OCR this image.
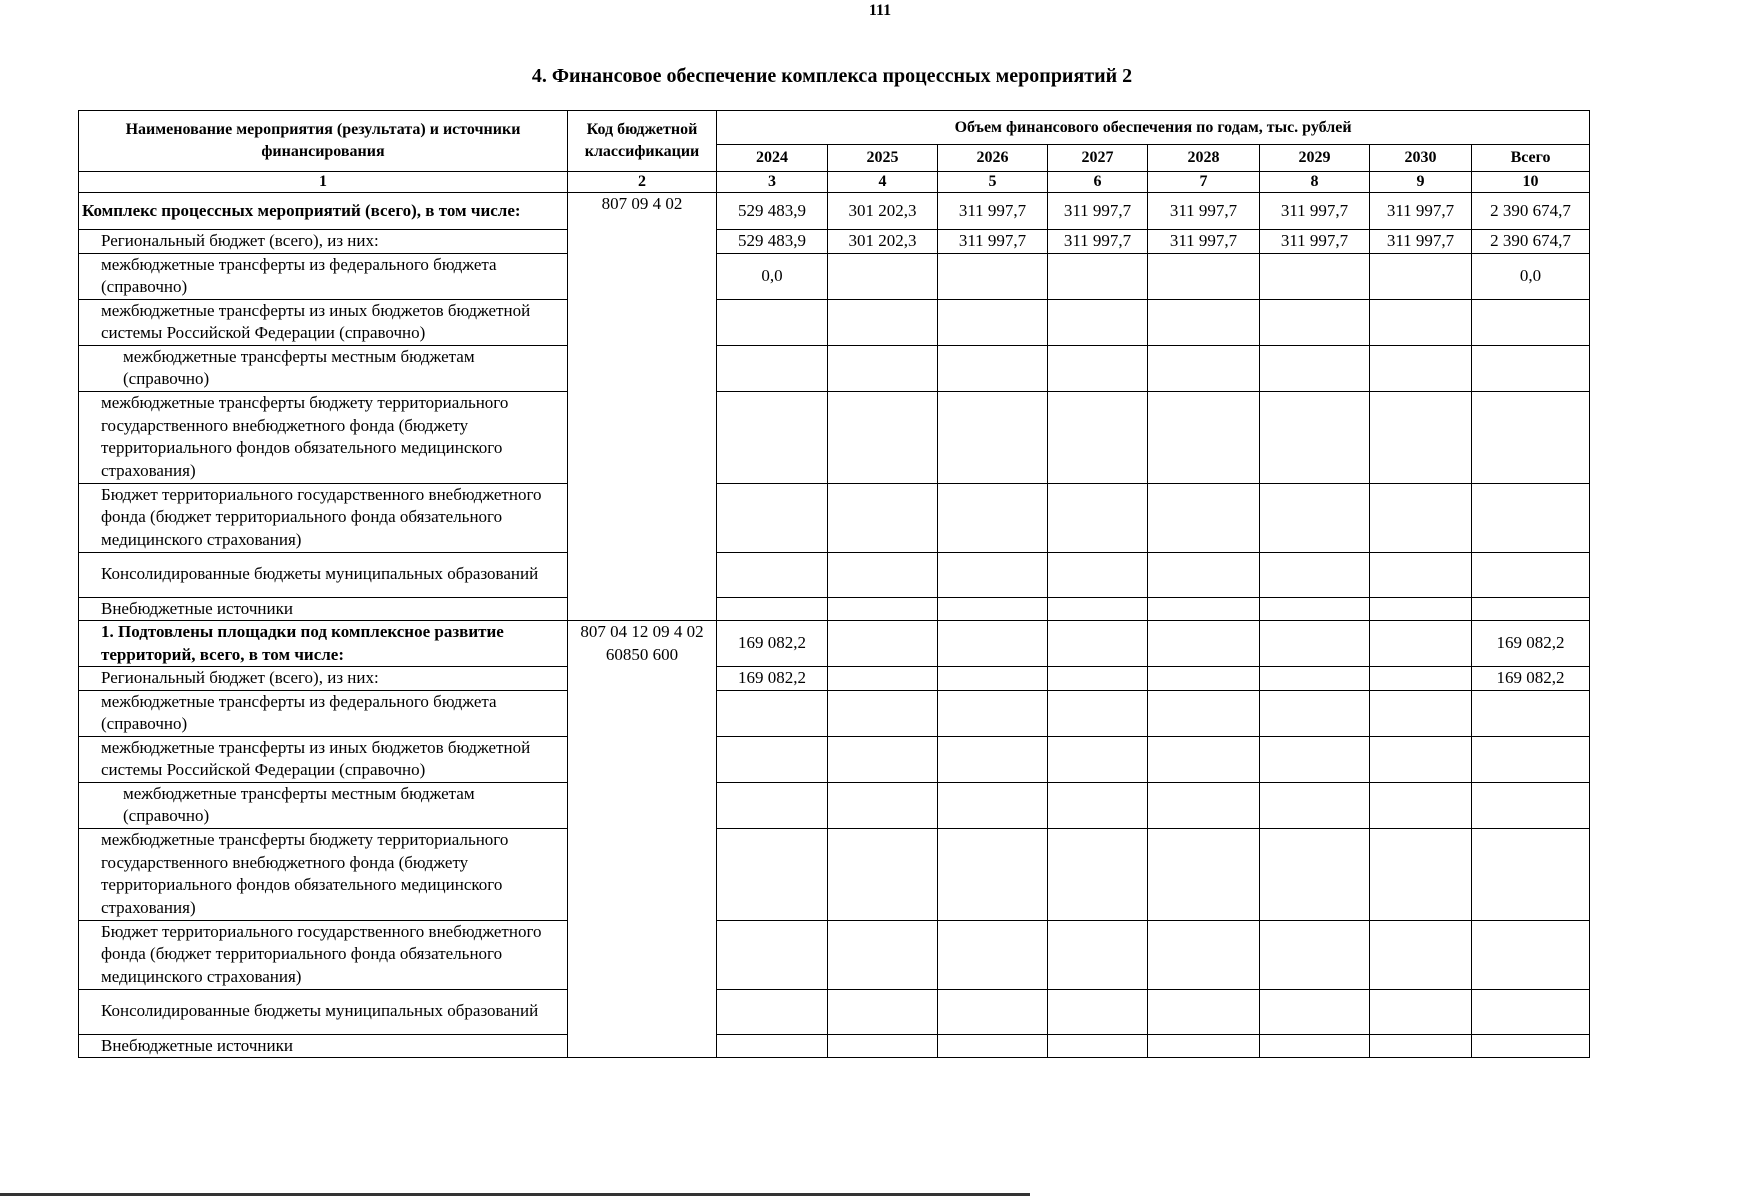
111
4. Финансовое обеспечение комплекса процессных мероприятий 2
Наименование мероприятия (результата) и источники финансирования	Код бюджетной классификации	Объем финансового обеспечения по годам, тыс. рублей							
		2024	2025	2026	2027	2028	2029	2030	Всего
1	2	3	4	5	6	7	8	9	10
Комплекс процессных мероприятий (всего), в том числе:	807 09 4 02	529 483,9	301 202,3	311 997,7	311 997,7	311 997,7	311 997,7	311 997,7	2 390 674,7
Региональный бюджет (всего), из них:		529 483,9	301 202,3	311 997,7	311 997,7	311 997,7	311 997,7	311 997,7	2 390 674,7
межбюджетные трансферты из федерального бюджета (справочно)		0,0							0,0
межбюджетные трансферты из иных бюджетов бюджетной системы Российской Федерации (справочно)									
межбюджетные трансферты местным бюджетам (справочно)									
межбюджетные трансферты бюджету территориального государственного внебюджетного фонда (бюджету территориального фондов обязательного медицинского страхования)									
Бюджет территориального государственного внебюджетного фонда (бюджет территориального фонда обязательного медицинского страхования)									
Консолидированные бюджеты муниципальных образований									
Внебюджетные источники									
1. Подтовлены площадки под комплексное развитие территорий, всего, в том числе:	807 04 12 09 4 02 60850 600	169 082,2							169 082,2
Региональный бюджет (всего), из них:		169 082,2							169 082,2
межбюджетные трансферты из федерального бюджета (справочно)									
межбюджетные трансферты из иных бюджетов бюджетной системы Российской Федерации (справочно)									
межбюджетные трансферты местным бюджетам (справочно)									
межбюджетные трансферты бюджету территориального государственного внебюджетного фонда (бюджету территориального фондов обязательного медицинского страхования)									
Бюджет территориального государственного внебюджетного фонда (бюджет территориального фонда обязательного медицинского страхования)									
Консолидированные бюджеты муниципальных образований									
Внебюджетные источники									
